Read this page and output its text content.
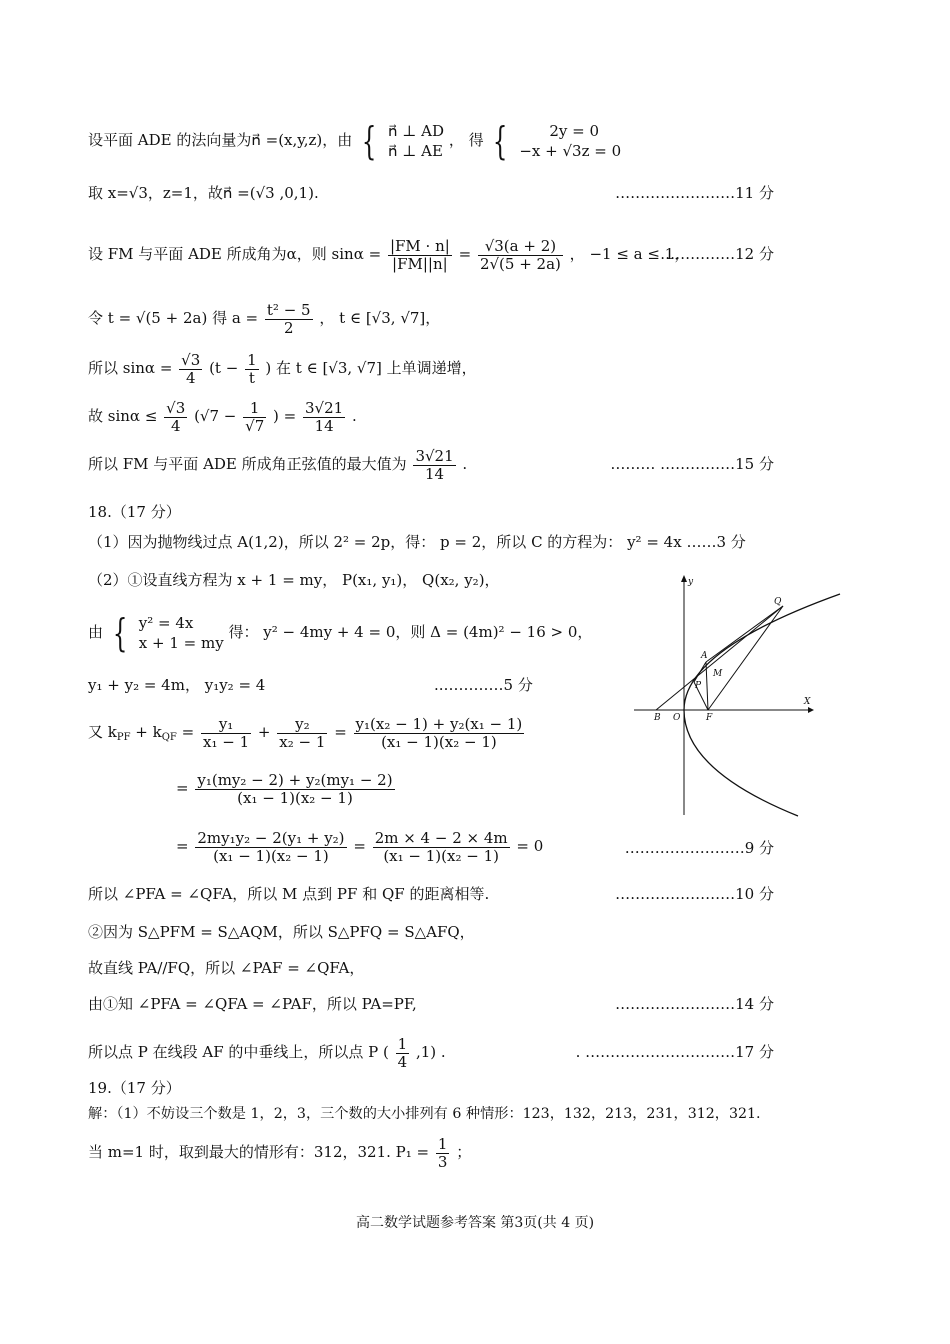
设平面 ADE 的法向量为n⃗ =(x,y,z)，由 { n⃗ ⊥ AD
n⃗ ⊥ AE
， 得 {	2y = 0
−x + √3z = 0
取 x=√3，z=1，故n⃗ =(√3 ,0,1).	……………………11 分
设 FM 与平面 ADE 所成角为α，则 $\sin\alpha = \frac{|FM \cdot n|}{|FM||n|} = \frac{√3(a + 2)}{2√(5 + 2a)}$ ， −1 ≤ a ≤ 1，
……………12 分
令 t = √(5 + 2a) 得 $a = \frac{\text{t² − 5}}{2}$ ， t ∈ [√3, √7]，
所以 $\sin\alpha = \frac{√3}{4} (t - \frac{1}{t}$ ) 在 t ∈ [√3, √7] 上单调递增，
故 $\sin\alpha \le \frac{√3}{4} (√7 - \frac{1}{√7}$ ) = $\frac{3√21}{14}$ .
所以 FM 与平面 ADE 所成角正弦值的最大值为 $\frac{3√21}{14}$ .	……… ……………15 分
18.（17 分）
（1）因为抛物线过点 A(1,2)，所以 2² = 2p，得： p = 2，所以 C 的方程为： y² = 4x ……3 分
（2）①设直线方程为 x + 1 = my， P(x₁, y₁)， Q(x₂, y₂)，
由 { y² = 4x
x + 1 = my
得： y² − 4my + 4 = 0，则 Δ = (4m)² − 16 > 0，
y₁ + y₂ = 4m， y₁y₂ = 4	..…………5 分
又 $k_{PF} + k_{QF} = \frac{\text{y₁}}{\text{x₁ − 1}} + \frac{\text{y₂}}{\text{x₂ − 1}} = \frac{\text{y₁(x₂ − 1) + y₂(x₁ − 1)}}{\text{(x₁ − 1)(x₂ − 1)}}$
= $\frac{\text{y₁(my₂ − 2) + y₂(my₁ − 2)}}{\text{(x₁ − 1)(x₂ − 1)}}$
= $\frac{\text{2my₁y₂ − 2(y₁ + y₂)}}{\text{(x₁ − 1)(x₂ − 1)}} = \frac{2m \times 4 - 2 \times 4m}{\text{(x₁ − 1)(x₂ − 1)}} = 0$	……………………9 分
所以 ∠PFA = ∠QFA，所以 M 点到 PF 和 QF 的距离相等.	……………………10 分
②因为 S△PFM = S△AQM，所以 S△PFQ = S△AFQ，
故直线 PA//FQ，所以 ∠PAF = ∠QFA，
由①知 ∠PFA = ∠QFA = ∠PAF，所以 PA=PF,	……………………14 分
所以点 P 在线段 AF 的中垂线上，所以点 P ( $\frac{1}{4} ,1$) .	. …………………………17 分
19.（17 分）
解：（1）不妨设三个数是 1，2，3，三个数的大小排列有 6 种情形：123，132，213，231，312，321.
当 m=1 时，取到最大的情形有：312，321. $P_1 = \frac{1}{3}$ ；
X
y
O
B	F
A
P
M
Q
高二数学试题参考答案 第3页(共 4 页)
